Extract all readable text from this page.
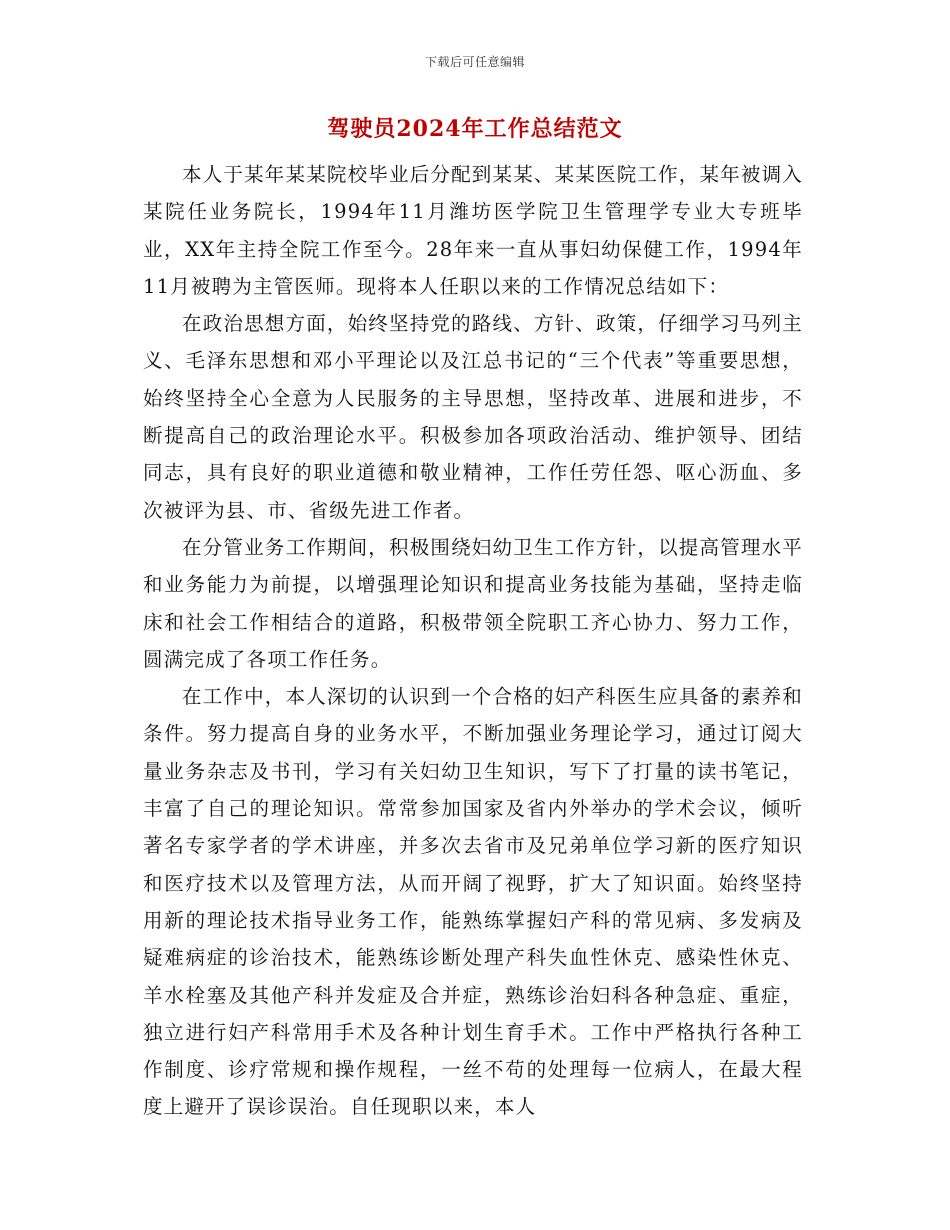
下载后可任意编辑
驾驶员2024年工作总结范文

本人于某年某某院校毕业后分配到某某、某某医院工作，某年被调入某院任业务院长，1994年11月潍坊医学院卫生管理学专业大专班毕业，XX年主持全院工作至今。28年来一直从事妇幼保健工作，1994年11月被聘为主管医师。现将本人任职以来的工作情况总结如下：

在政治思想方面，始终坚持党的路线、方针、政策，仔细学习马列主义、毛泽东思想和邓小平理论以及江总书记的“三个代表”等重要思想，始终坚持全心全意为人民服务的主导思想，坚持改革、进展和进步，不断提高自己的政治理论水平。积极参加各项政治活动、维护领导、团结同志，具有良好的职业道德和敬业精神，工作任劳任怨、呕心沥血、多次被评为县、市、省级先进工作者。

在分管业务工作期间，积极围绕妇幼卫生工作方针，以提高管理水平和业务能力为前提，以增强理论知识和提高业务技能为基础，坚持走临床和社会工作相结合的道路，积极带领全院职工齐心协力、努力工作，圆满完成了各项工作任务。

在工作中，本人深切的认识到一个合格的妇产科医生应具备的素养和条件。努力提高自身的业务水平，不断加强业务理论学习，通过订阅大量业务杂志及书刊，学习有关妇幼卫生知识，写下了打量的读书笔记，丰富了自己的理论知识。常常参加国家及省内外举办的学术会议，倾听著名专家学者的学术讲座，并多次去省市及兄弟单位学习新的医疗知识和医疗技术以及管理方法，从而开阔了视野，扩大了知识面。始终坚持用新的理论技术指导业务工作，能熟练掌握妇产科的常见病、多发病及疑难病症的诊治技术，能熟练诊断处理产科失血性休克、感染性休克、羊水栓塞及其他产科并发症及合并症，熟练诊治妇科各种急症、重症，独立进行妇产科常用手术及各种计划生育手术。工作中严格执行各种工作制度、诊疗常规和操作规程，一丝不苟的处理每一位病人，在最大程度上避开了误诊误治。自任现职以来，本人
